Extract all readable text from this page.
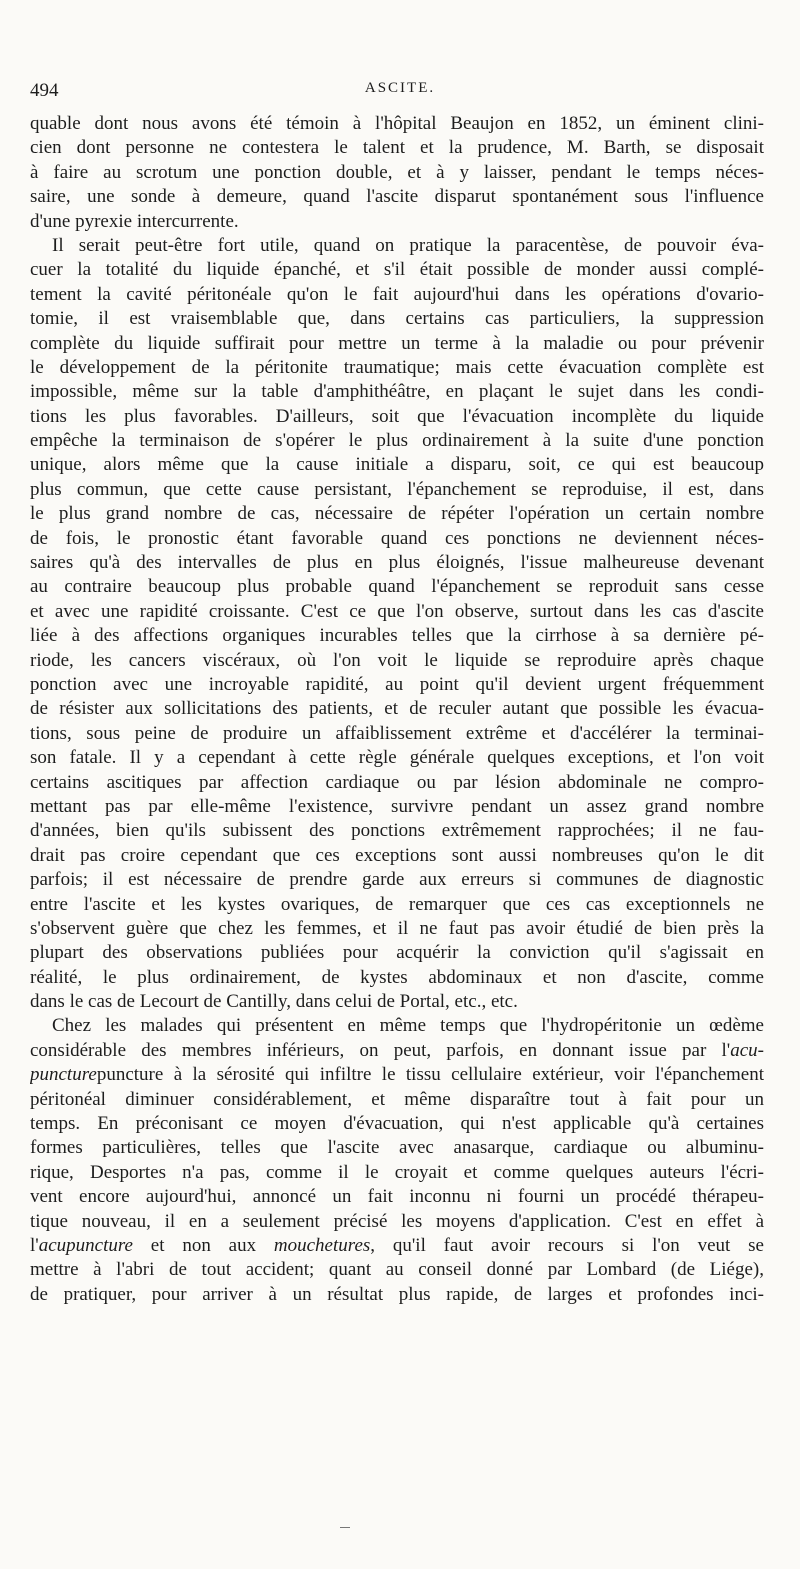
494	ASCITE.
quable dont nous avons été témoin à l'hôpital Beaujon en 1852, un éminent clini-
cien dont personne ne contestera le talent et la prudence, M. Barth, se disposait
à faire au scrotum une ponction double, et à y laisser, pendant le temps néces-
saire, une sonde à demeure, quand l'ascite disparut spontanément sous l'influence
d'une pyrexie intercurrente.
Il serait peut-être fort utile, quand on pratique la paracentèse, de pouvoir éva-
cuer la totalité du liquide épanché, et s'il était possible de monder aussi complé-
tement la cavité péritonéale qu'on le fait aujourd'hui dans les opérations d'ovario-
tomie, il est vraisemblable que, dans certains cas particuliers, la suppression
complète du liquide suffirait pour mettre un terme à la maladie ou pour prévenir
le développement de la péritonite traumatique; mais cette évacuation complète est
impossible, même sur la table d'amphithéâtre, en plaçant le sujet dans les condi-
tions les plus favorables. D'ailleurs, soit que l'évacuation incomplète du liquide
empêche la terminaison de s'opérer le plus ordinairement à la suite d'une ponction
unique, alors même que la cause initiale a disparu, soit, ce qui est beaucoup
plus commun, que cette cause persistant, l'épanchement se reproduise, il est, dans
le plus grand nombre de cas, nécessaire de répéter l'opération un certain nombre
de fois, le pronostic étant favorable quand ces ponctions ne deviennent néces-
saires qu'à des intervalles de plus en plus éloignés, l'issue malheureuse devenant
au contraire beaucoup plus probable quand l'épanchement se reproduit sans cesse
et avec une rapidité croissante. C'est ce que l'on observe, surtout dans les cas d'ascite
liée à des affections organiques incurables telles que la cirrhose à sa dernière pé-
riode, les cancers viscéraux, où l'on voit le liquide se reproduire après chaque
ponction avec une incroyable rapidité, au point qu'il devient urgent fréquemment
de résister aux sollicitations des patients, et de reculer autant que possible les évacua-
tions, sous peine de produire un affaiblissement extrême et d'accélérer la terminai-
son fatale. Il y a cependant à cette règle générale quelques exceptions, et l'on voit
certains ascitiques par affection cardiaque ou par lésion abdominale ne compro-
mettant pas par elle-même l'existence, survivre pendant un assez grand nombre
d'années, bien qu'ils subissent des ponctions extrêmement rapprochées; il ne fau-
drait pas croire cependant que ces exceptions sont aussi nombreuses qu'on le dit
parfois; il est nécessaire de prendre garde aux erreurs si communes de diagnostic
entre l'ascite et les kystes ovariques, de remarquer que ces cas exceptionnels ne
s'observent guère que chez les femmes, et il ne faut pas avoir étudié de bien près la
plupart des observations publiées pour acquérir la conviction qu'il s'agissait en
réalité, le plus ordinairement, de kystes abdominaux et non d'ascite, comme
dans le cas de Lecourt de Cantilly, dans celui de Portal, etc., etc.
Chez les malades qui présentent en même temps que l'hydropéritonie un œdème
considérable des membres inférieurs, on peut, parfois, en donnant issue par l'acu-
puncturepuncture à la sérosité qui infiltre le tissu cellulaire extérieur, voir l'épanchement
péritonéal diminuer considérablement, et même disparaître tout à fait pour un
temps. En préconisant ce moyen d'évacuation, qui n'est applicable qu'à certaines
formes particulières, telles que l'ascite avec anasarque, cardiaque ou albuminu-
rique, Desportes n'a pas, comme il le croyait et comme quelques auteurs l'écri-
vent encore aujourd'hui, annoncé un fait inconnu ni fourni un procédé thérapeu-
tique nouveau, il en a seulement précisé les moyens d'application. C'est en effet à
l'acupuncture et non aux mouchetures, qu'il faut avoir recours si l'on veut se
mettre à l'abri de tout accident; quant au conseil donné par Lombard (de Liége),
de pratiquer, pour arriver à un résultat plus rapide, de larges et profondes inci-
